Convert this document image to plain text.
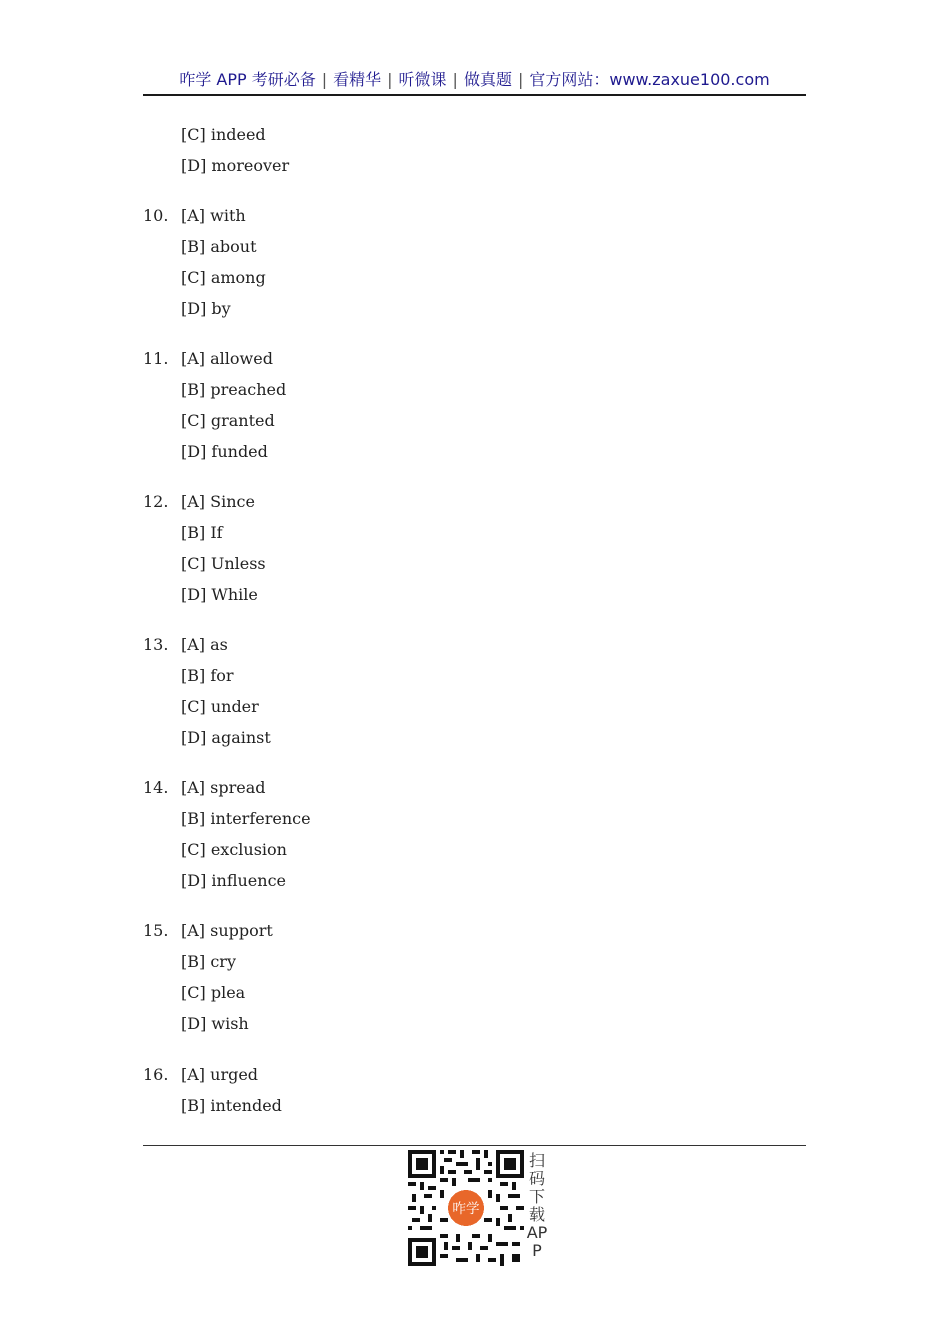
咋学 APP 考研必备 | 看精华 | 听微课 | 做真题 | 官方网站：www.zaxue100.com
[C] indeed
[D] moreover
10. [A] with
[B] about
[C] among
[D] by
11. [A] allowed
[B] preached
[C] granted
[D] funded
12. [A] Since
[B] If
[C] Unless
[D] While
13. [A] as
[B] for
[C] under
[D] against
14. [A] spread
[B] interference
[C] exclusion
[D] influence
15. [A] support
[B] cry
[C] plea
[D] wish
16. [A] urged
[B] intended
咋学
扫码下载APP
